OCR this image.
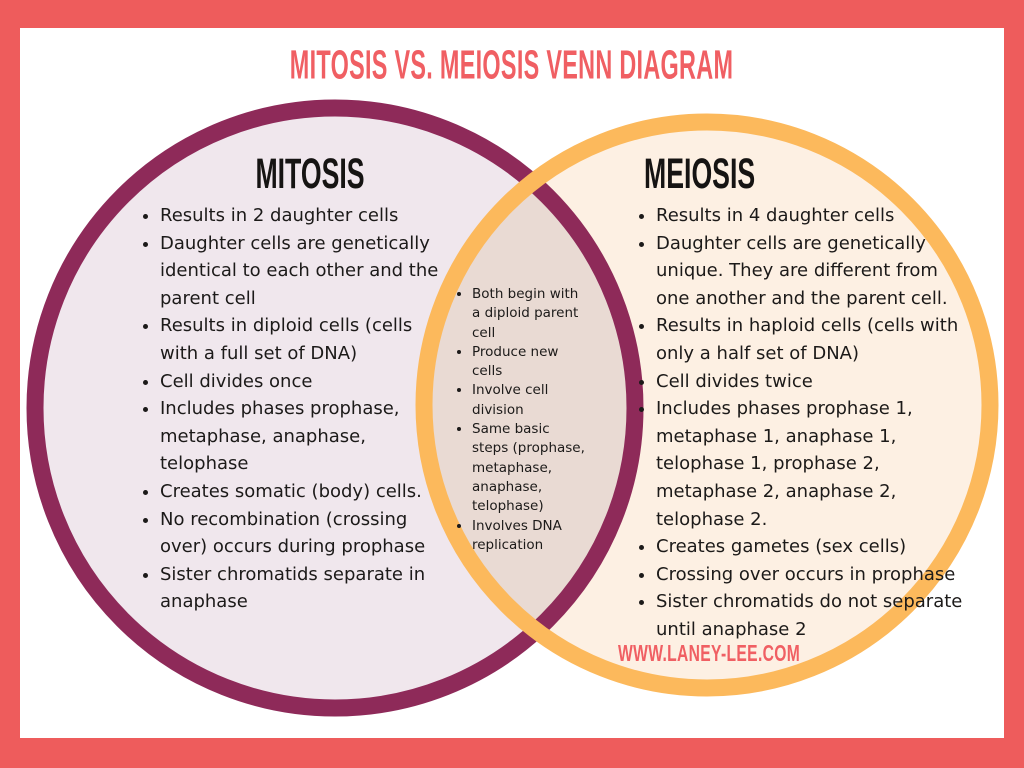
MITOSIS VS. MEIOSIS VENN DIAGRAM
MITOSIS	MEIOSIS
• Results in 2 daughter cells
• Daughter cells are genetically identical to each other and the parent cell
• Results in diploid cells (cells with a full set of DNA)
• Cell divides once
• Includes phases prophase, metaphase, anaphase, telophase
• Creates somatic (body) cells.
• No recombination (crossing over) occurs during prophase
• Sister chromatids separate in anaphase
• Both begin with a diploid parent cell
• Produce new cells
• Involve cell division
• Same basic steps (prophase, metaphase, anaphase, telophase)
• Involves DNA replication
• Results in 4 daughter cells
• Daughter cells are genetically unique. They are different from one another and the parent cell.
• Results in haploid cells (cells with only a half set of DNA)
• Cell divides twice
• Includes phases prophase 1, metaphase 1, anaphase 1, telophase 1, prophase 2, metaphase 2, anaphase 2, telophase 2.
• Creates gametes (sex cells)
• Crossing over occurs in prophase
• Sister chromatids do not separate until anaphase 2
WWW.LANEY-LEE.COM
